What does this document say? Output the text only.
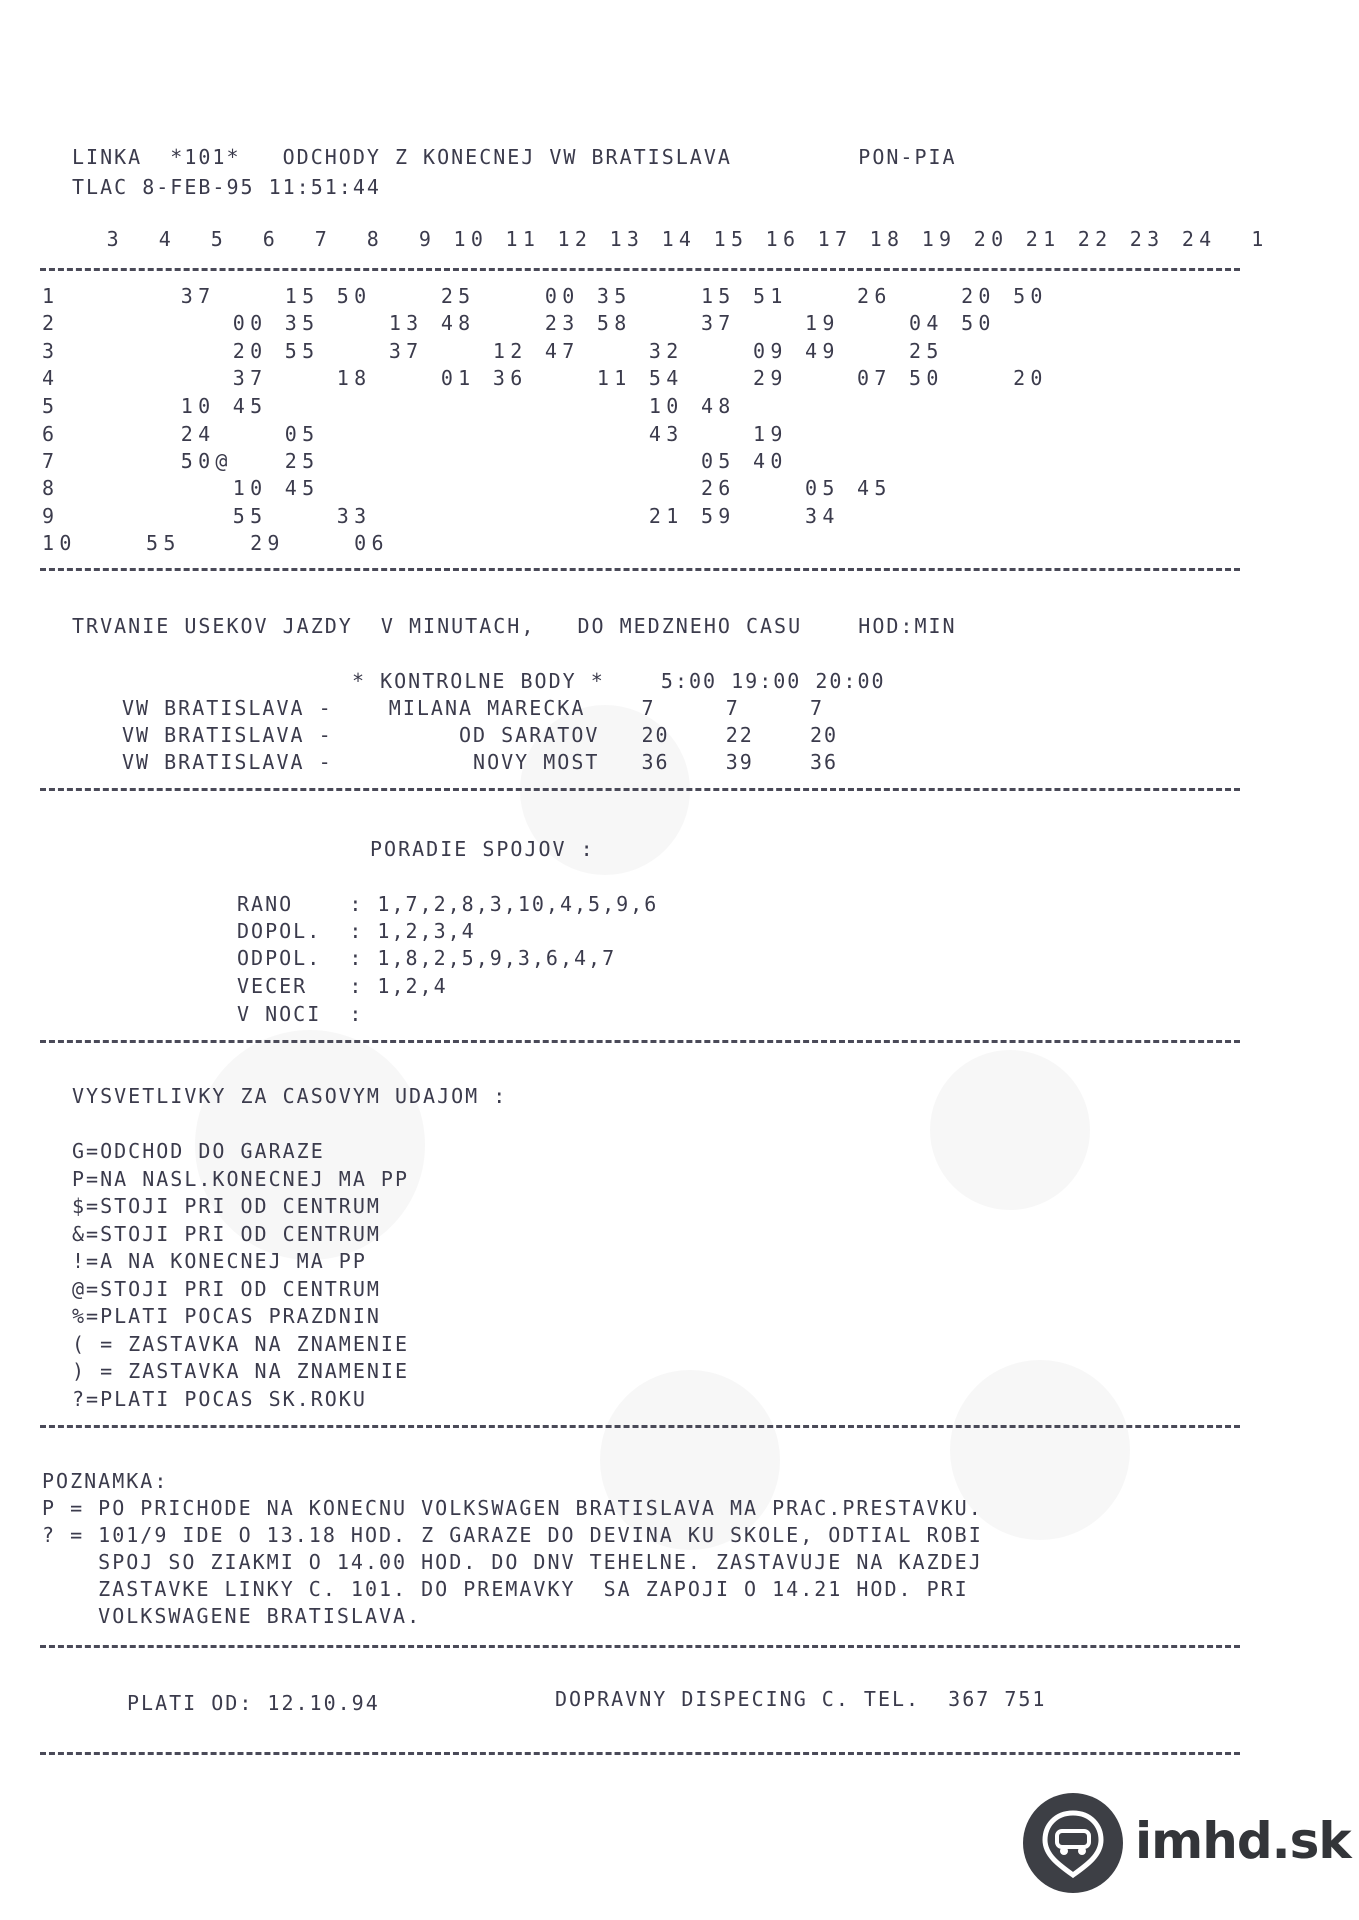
LINKA  *101*   ODCHODY Z KONECNEJ VW BRATISLAVA         PON-PIA
TLAC 8-FEB-95 11:51:44
3  4  5  6  7  8  9 10 11 12 13 14 15 16 17 18 19 20 21 22 23 24  1
1       37    15 50    25    00 35    15 51    26    20 50
2          00 35    13 48    23 58    37    19    04 50
3          20 55    37    12 47    32    09 49    25
4          37    18    01 36    11 54    29    07 50    20
5       10 45                      10 48
6       24    05                   43    19
7       50@   25                      05 40
8          10 45                      26    05 45
9          55    33                21 59    34
10    55    29    06
TRVANIE USEKOV JAZDY  V MINUTACH,   DO MEDZNEHO CASU    HOD:MIN
* KONTROLNE BODY *    5:00 19:00 20:00
VW BRATISLAVA -    MILANA MARECKA    7     7     7
VW BRATISLAVA -         OD SARATOV   20    22    20
VW BRATISLAVA -          NOVY MOST   36    39    36
PORADIE SPOJOV :
RANO    : 1,7,2,8,3,10,4,5,9,6
DOPOL.  : 1,2,3,4
ODPOL.  : 1,8,2,5,9,3,6,4,7
VECER   : 1,2,4
V NOCI  :
VYSVETLIVKY ZA CASOVYM UDAJOM :
G=ODCHOD DO GARAZE
P=NA NASL.KONECNEJ MA PP
$=STOJI PRI OD CENTRUM
&=STOJI PRI OD CENTRUM
!=A NA KONECNEJ MA PP
@=STOJI PRI OD CENTRUM
%=PLATI POCAS PRAZDNIN
( = ZASTAVKA NA ZNAMENIE
) = ZASTAVKA NA ZNAMENIE
?=PLATI POCAS SK.ROKU
POZNAMKA:
P = PO PRICHODE NA KONECNU VOLKSWAGEN BRATISLAVA MA PRAC.PRESTAVKU.
? = 101/9 IDE O 13.18 HOD. Z GARAZE DO DEVINA KU SKOLE, ODTIAL ROBI
SPOJ SO ZIAKMI O 14.00 HOD. DO DNV TEHELNE. ZASTAVUJE NA KAZDEJ
ZASTAVKE LINKY C. 101. DO PREMAVKY  SA ZAPOJI O 14.21 HOD. PRI
VOLKSWAGENE BRATISLAVA.
PLATI OD: 12.10.94	DOPRAVNY DISPECING C. TEL.  367 751
imhd.sk
